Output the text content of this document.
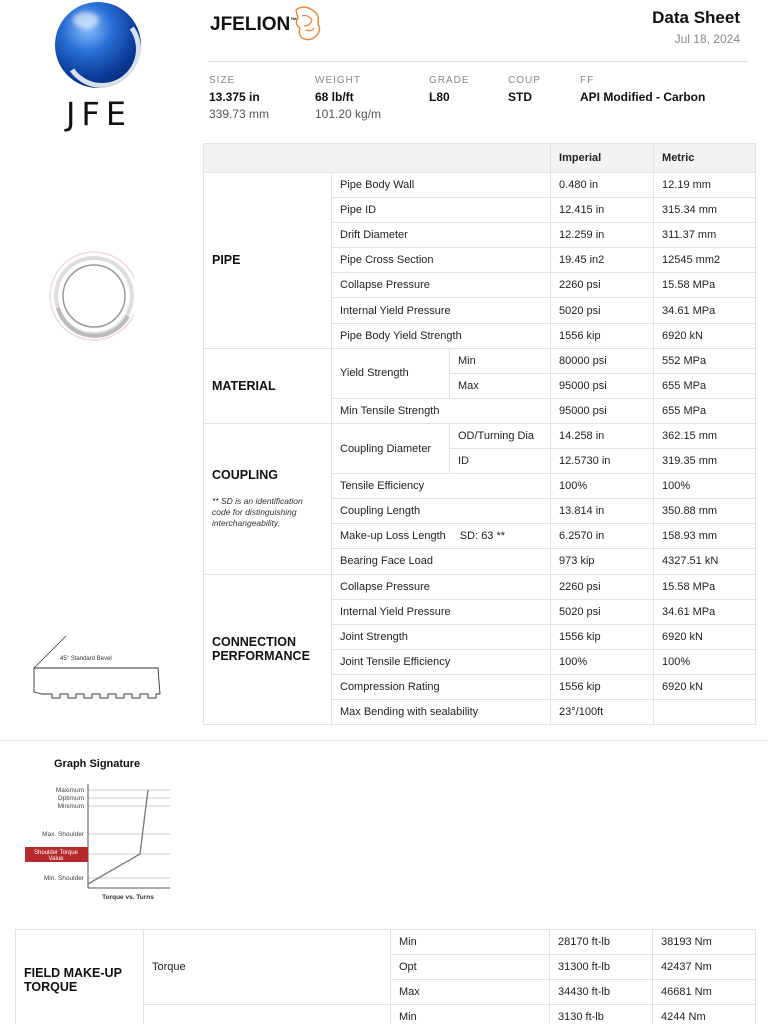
JFE
JFELION™	Data Sheet
Jul 18, 2024
SIZE
13.375 in
339.73 mm
WEIGHT
68 lb/ft
101.20 kg/m
GRADE
L80
COUP
STD
FF
API Modified - Carbon
45° Standard Bevel
			Imperial	Metric
PIPE	Pipe Body Wall		0.480 in	12.19 mm
	Pipe ID		12.415 in	315.34 mm
	Drift Diameter		12.259 in	311.37 mm
	Pipe Cross Section		19.45 in2	12545 mm2
	Collapse Pressure		2260 psi	15.58 MPa
	Internal Yield Pressure		5020 psi	34.61 MPa
	Pipe Body Yield Strength		1556 kip	6920 kN
MATERIAL	Yield Strength	Min	80000 psi	552 MPa
		Max	95000 psi	655 MPa
	Min Tensile Strength		95000 psi	655 MPa
COUPLING
** SD is an identification code for distinguishing interchangeability.	Coupling Diameter	OD/Turning Dia	14.258 in	362.15 mm
		ID	12.5730 in	319.35 mm
	Tensile Efficiency		100%	100%
	Coupling Length		13.814 in	350.88 mm
	Make-up Loss Length SD: 63 **		6.2570 in	158.93 mm
	Bearing Face Load		973 kip	4327.51 kN
CONNECTION PERFORMANCE	Collapse Pressure		2260 psi	15.58 MPa
	Internal Yield Pressure		5020 psi	34.61 MPa
	Joint Strength		1556 kip	6920 kN
	Joint Tensile Efficiency		100%	100%
	Compression Rating		1556 kip	6920 kN
	Max Bending with sealability		23°/100ft	
Graph Signature
Maximum
Optimum
Minimum
Max. Shoulder
Shoulder Torque
Value
Min. Shoulder
Torque vs. Turns
FIELD MAKE-UP TORQUE	Torque	Min	28170 ft-lb	38193 Nm
		Opt	31300 ft-lb	42437 Nm
		Max	34430 ft-lb	46681 Nm
		Min	3130 ft-lb	4244 Nm
